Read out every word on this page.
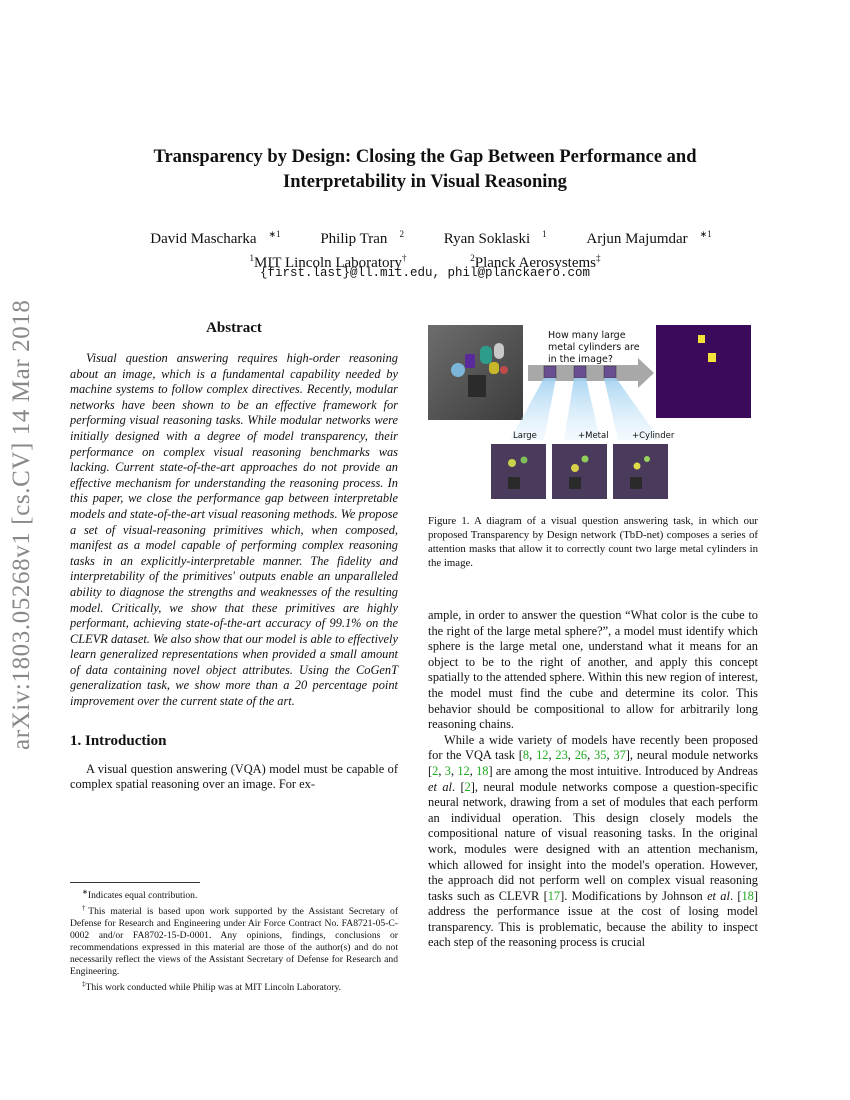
arXiv:1803.05268v1 [cs.CV] 14 Mar 2018
Transparency by Design: Closing the Gap Between Performance and
Interpretability in Visual Reasoning
David Mascharka $^{∗1}$	Philip Tran $^2$	Ryan Soklaski $^1$	Arjun Majumdar $^{∗1}$
$^1$MIT Lincoln Laboratory†	$^2$Planck Aerosystems‡
{first.last}@ll.mit.edu, phil@planckaero.com
Abstract

Visual question answering requires high-order reasoning about an image, which is a fundamental capability needed by machine systems to follow complex directives. Recently, modular networks have been shown to be an effective framework for performing visual reasoning tasks. While modular networks were initially designed with a degree of model transparency, their performance on complex visual reasoning benchmarks was lacking. Current state-of-the-art approaches do not provide an effective mechanism for understanding the reasoning process. In this paper, we close the performance gap between interpretable models and state-of-the-art visual reasoning methods. We propose a set of visual-reasoning primitives which, when composed, manifest as a model capable of performing complex reasoning tasks in an explicitly-interpretable manner. The fidelity and interpretability of the primitives' outputs enable an unparalleled ability to diagnose the strengths and weaknesses of the resulting model. Critically, we show that these primitives are highly performant, achieving state-of-the-art accuracy of 99.1% on the CLEVR dataset. We also show that our model is able to effectively learn generalized representations when provided a small amount of data containing novel object attributes. Using the CoGenT generalization task, we show more than a 20 percentage point improvement over the current state of the art.

1. Introduction

A visual question answering (VQA) model must be capable of complex spatial reasoning over an image. For ex-

∗Indicates equal contribution.

†This material is based upon work supported by the Assistant Secretary of Defense for Research and Engineering under Air Force Contract No. FA8721-05-C-0002 and/or FA8702-15-D-0001. Any opinions, findings, conclusions or recommendations expressed in this material are those of the author(s) and do not necessarily reflect the views of the Assistant Secretary of Defense for Research and Engineering.

‡This work conducted while Philip was at MIT Lincoln Laboratory.

How many large
metal cylinders are
in the image?
Large	+Metal	+Cylinder

Figure 1. A diagram of a visual question answering task, in which our proposed Transparency by Design network (TbD-net) composes a series of attention masks that allow it to correctly count two large metal cylinders in the image.

ample, in order to answer the question “What color is the cube to the right of the large metal sphere?”, a model must identify which sphere is the large metal one, understand what it means for an object to be to the right of another, and apply this concept spatially to the attended sphere. Within this new region of interest, the model must find the cube and determine its color. This behavior should be compositional to allow for arbitrarily long reasoning chains.

While a wide variety of models have recently been proposed for the VQA task [8, 12, 23, 26, 35, 37], neural module networks [2, 3, 12, 18] are among the most intuitive. Introduced by Andreas et al. [2], neural module networks compose a question-specific neural network, drawing from a set of modules that each perform an individual operation. This design closely models the compositional nature of visual reasoning tasks. In the original work, modules were designed with an attention mechanism, which allowed for insight into the model's operation. However, the approach did not perform well on complex visual reasoning tasks such as CLEVR [17]. Modifications by Johnson et al. [18] address the performance issue at the cost of losing model transparency. This is problematic, because the ability to inspect each step of the reasoning process is crucial
